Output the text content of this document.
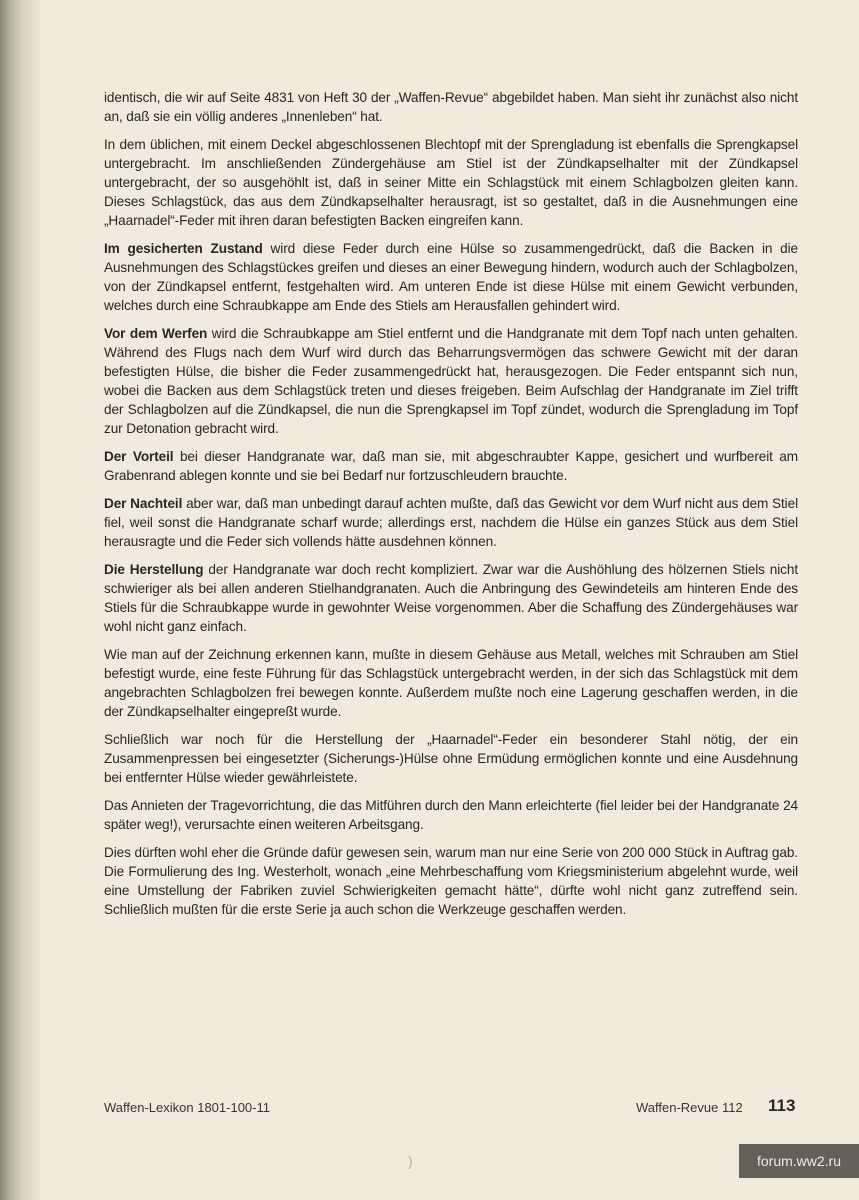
identisch, die wir auf Seite 4831 von Heft 30 der „Waffen-Revue“ abgebildet haben. Man sieht ihr zunächst also nicht an, daß sie ein völlig anderes „Innenleben“ hat.

In dem üblichen, mit einem Deckel abgeschlossenen Blechtopf mit der Sprengladung ist ebenfalls die Sprengkapsel untergebracht. Im anschließenden Zündergehäuse am Stiel ist der Zündkapselhalter mit der Zündkapsel untergebracht, der so ausgehöhlt ist, daß in seiner Mitte ein Schlagstück mit einem Schlagbolzen gleiten kann. Dieses Schlagstück, das aus dem Zündkapselhalter herausragt, ist so gestaltet, daß in die Ausnehmungen eine „Haarnadel“-Feder mit ihren daran befestigten Backen eingreifen kann.

Im gesicherten Zustand wird diese Feder durch eine Hülse so zusammengedrückt, daß die Backen in die Ausnehmungen des Schlagstückes greifen und dieses an einer Bewegung hindern, wodurch auch der Schlagbolzen, von der Zündkapsel entfernt, festgehalten wird. Am unteren Ende ist diese Hülse mit einem Gewicht verbunden, welches durch eine Schraubkappe am Ende des Stiels am Herausfallen gehindert wird.

Vor dem Werfen wird die Schraubkappe am Stiel entfernt und die Handgranate mit dem Topf nach unten gehalten. Während des Flugs nach dem Wurf wird durch das Beharrungsvermögen das schwere Gewicht mit der daran befestigten Hülse, die bisher die Feder zusammengedrückt hat, herausgezogen. Die Feder entspannt sich nun, wobei die Backen aus dem Schlagstück treten und dieses freigeben. Beim Aufschlag der Handgranate im Ziel trifft der Schlagbolzen auf die Zündkapsel, die nun die Sprengkapsel im Topf zündet, wodurch die Sprengladung im Topf zur Detonation gebracht wird.

Der Vorteil bei dieser Handgranate war, daß man sie, mit abgeschraubter Kappe, gesichert und wurfbereit am Grabenrand ablegen konnte und sie bei Bedarf nur fortzuschleudern brauchte.

Der Nachteil aber war, daß man unbedingt darauf achten mußte, daß das Gewicht vor dem Wurf nicht aus dem Stiel fiel, weil sonst die Handgranate scharf wurde; allerdings erst, nachdem die Hülse ein ganzes Stück aus dem Stiel herausragte und die Feder sich vollends hätte ausdehnen können.

Die Herstellung der Handgranate war doch recht kompliziert. Zwar war die Aushöhlung des hölzernen Stiels nicht schwieriger als bei allen anderen Stielhandgranaten. Auch die Anbringung des Gewindeteils am hinteren Ende des Stiels für die Schraubkappe wurde in gewohnter Weise vorgenommen. Aber die Schaffung des Zündergehäuses war wohl nicht ganz einfach.

Wie man auf der Zeichnung erkennen kann, mußte in diesem Gehäuse aus Metall, welches mit Schrauben am Stiel befestigt wurde, eine feste Führung für das Schlagstück untergebracht werden, in der sich das Schlagstück mit dem angebrachten Schlagbolzen frei bewegen konnte. Außerdem mußte noch eine Lagerung geschaffen werden, in die der Zündkapselhalter eingepreßt wurde.

Schließlich war noch für die Herstellung der „Haarnadel“-Feder ein besonderer Stahl nötig, der ein Zusammenpressen bei eingesetzter (Sicherungs-)Hülse ohne Ermüdung ermöglichen konnte und eine Ausdehnung bei entfernter Hülse wieder gewährleistete.

Das Annieten der Tragevorrichtung, die das Mitführen durch den Mann erleichterte (fiel leider bei der Handgranate 24 später weg!), verursachte einen weiteren Arbeitsgang.

Dies dürften wohl eher die Gründe dafür gewesen sein, warum man nur eine Serie von 200 000 Stück in Auftrag gab. Die Formulierung des Ing. Westerholt, wonach „eine Mehrbeschaffung vom Kriegsministerium abgelehnt wurde, weil eine Umstellung der Fabriken zuviel Schwierigkeiten gemacht hätte“, dürfte wohl nicht ganz zutreffend sein. Schließlich mußten für die erste Serie ja auch schon die Werkzeuge geschaffen werden.

Waffen-Lexikon 1801-100-11	Waffen-Revue 112 113
)	forum.ww2.ru
